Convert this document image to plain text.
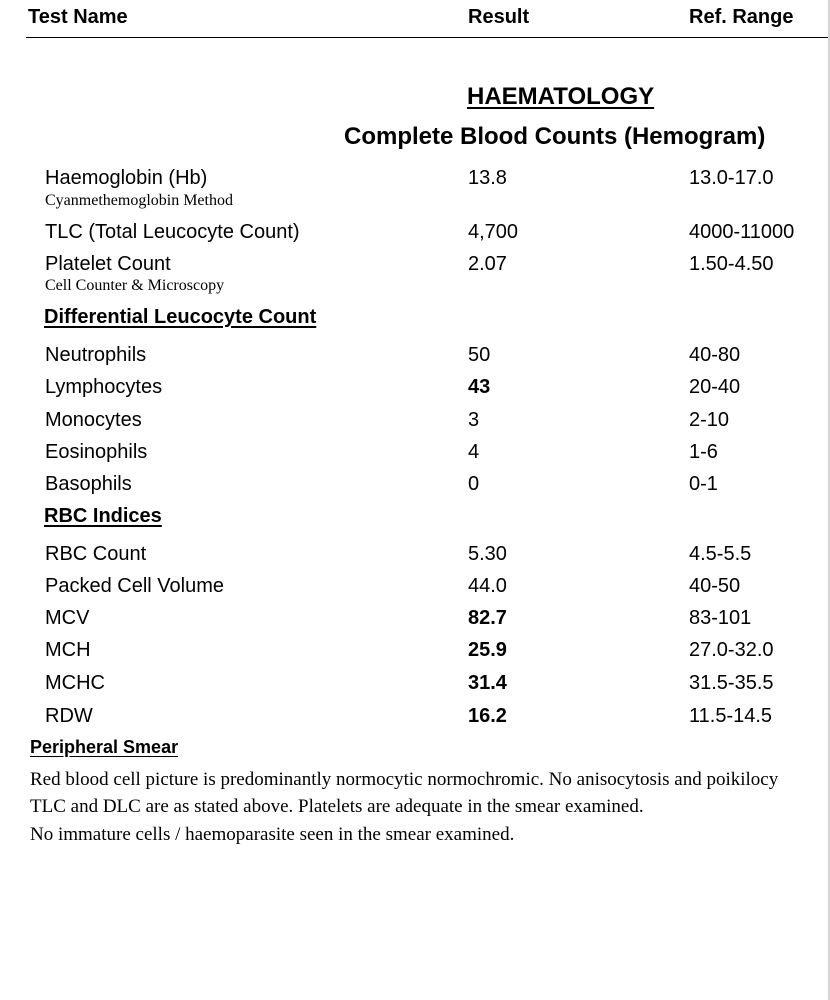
Test Name	Result	Ref. Range
HAEMATOLOGY
Complete Blood Counts (Hemogram)
Haemoglobin (Hb)	13.8	13.0-17.0
Cyanmethemoglobin Method
TLC (Total Leucocyte Count)	4,700	4000-11000
Platelet Count	2.07	1.50-4.50
Cell Counter & Microscopy
Differential Leucocyte Count
Neutrophils	50	40-80
Lymphocytes	43	20-40
Monocytes	3	2-10
Eosinophils	4	1-6
Basophils	0	0-1
RBC Indices
RBC Count	5.30	4.5-5.5
Packed Cell Volume	44.0	40-50
MCV	82.7	83-101
MCH	25.9	27.0-32.0
MCHC	31.4	31.5-35.5
RDW	16.2	11.5-14.5
Peripheral Smear
Red blood cell picture is predominantly normocytic normochromic. No anisocytosis and poikilocy
TLC and DLC are as stated above. Platelets are adequate in the smear examined.
No immature cells / haemoparasite seen in the smear examined.
